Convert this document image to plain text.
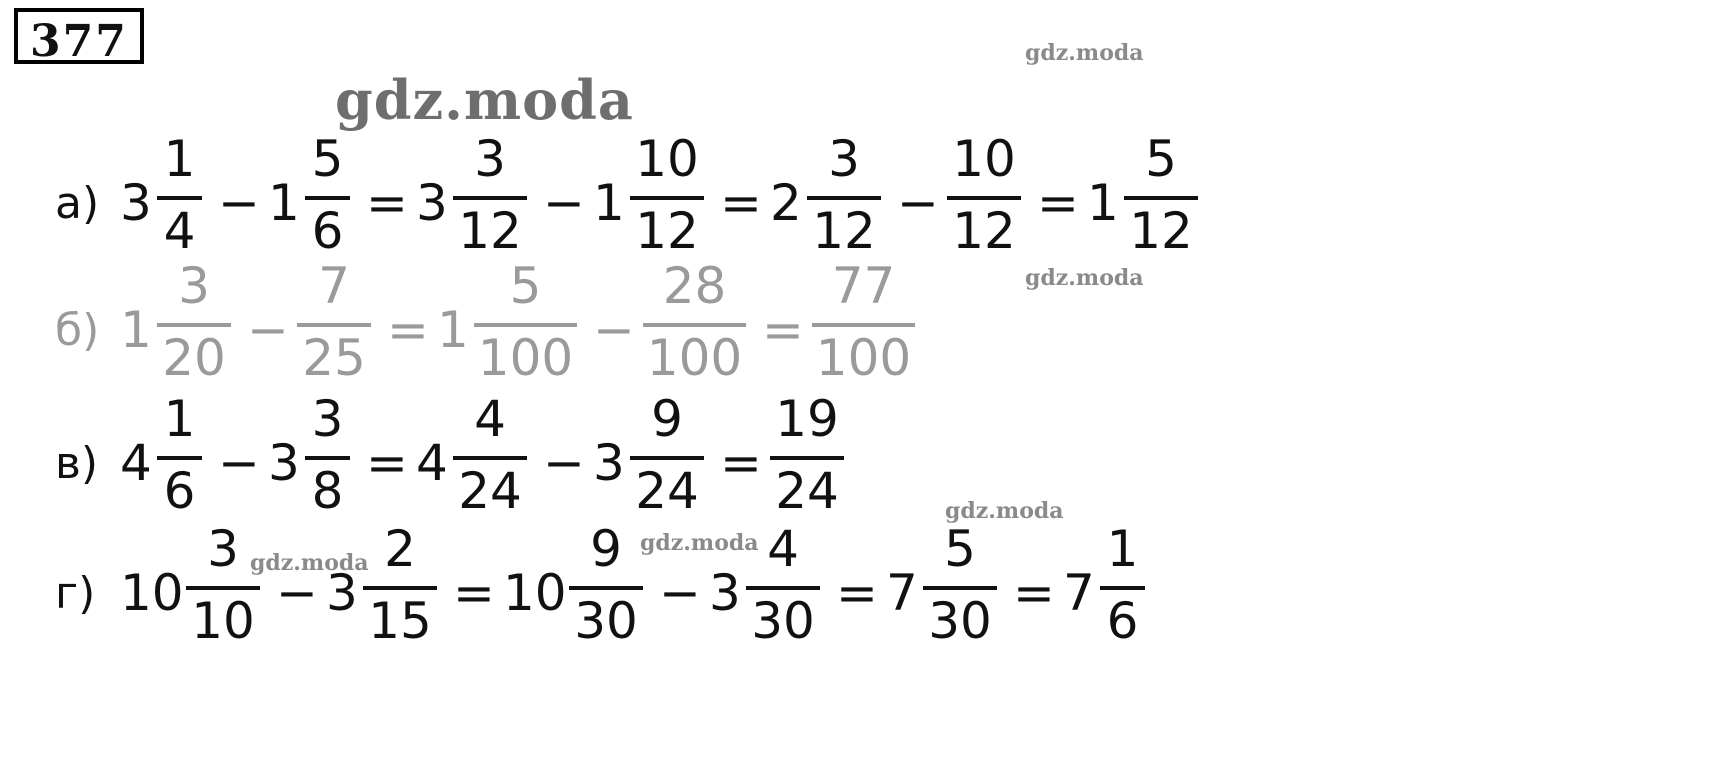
377	gdz.moda
gdz.moda
gdz.moda
gdz.moda
gdz.moda
gdz.moda
а) 3
1
4 − 1
5
6 = 3
3
12 − 1
10
12 = 2
3
12 −
10
12 = 1
5
12
б) 1
3
20 −
7
25 = 1
5
100 −
28
100 =
77
100
в) 4
1
6 − 3
3
8 = 4
4
24 − 3
9
24 =
19
24
г) 10
3
10 − 3
2
15 = 10
9
30 − 3
4
30 = 7
5
30 = 7
1
6
